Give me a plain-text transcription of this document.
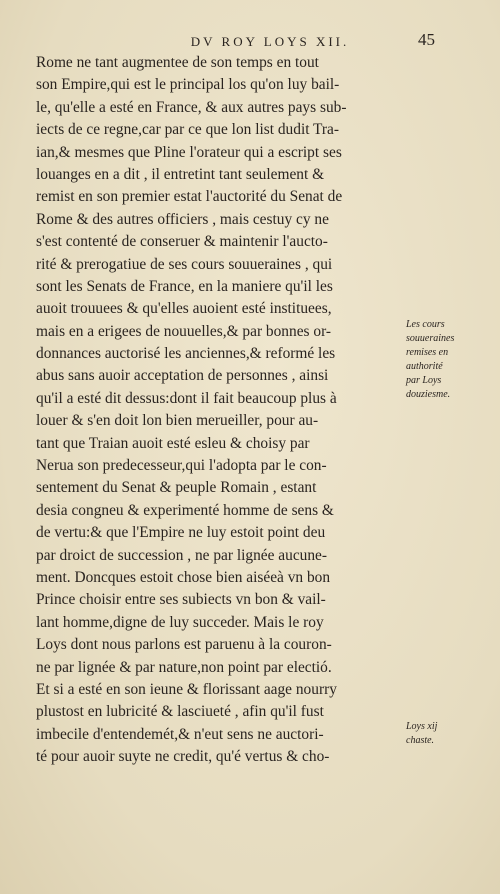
DV ROY LOYS XII.	45
Rome ne tant augmentee de son temps en tout
son Empire,qui est le principal los qu'on luy bail-
le, qu'elle a esté en France, & aux autres pays sub-
iects de ce regne,car par ce que lon list dudit Tra-
ian,& mesmes que Pline l'orateur qui a escript ses
louanges en a dit , il entretint tant seulement &
remist en son premier estat l'auctorité du Senat de
Rome & des autres officiers , mais cestuy cy ne
s'est contenté de conseruer & maintenir l'aucto-
rité & prerogatiue de ses cours souueraines , qui
sont les Senats de France, en la maniere qu'il les
auoit trouuees & qu'elles auoient esté instituees,
mais en a erigees de nouuelles,& par bonnes or-
donnances auctorisé les anciennes,& reformé les
abus sans auoir acceptation de personnes , ainsi
qu'il a esté dit dessus:dont il fait beaucoup plus à
louer & s'en doit lon bien merueiller, pour au-
tant que Traian auoit esté esleu & choisy par
Nerua son predecesseur,qui l'adopta par le con-
sentement du Senat & peuple Romain , estant
desia congneu & experimenté homme de sens &
de vertu:& que l'Empire ne luy estoit point deu
par droict de succession , ne par lignée aucune-
ment. Doncques estoit chose bien aiséeà vn bon
Prince choisir entre ses subiects vn bon & vail-
lant homme,digne de luy succeder. Mais le roy
Loys dont nous parlons est paruenu à la couron-
ne par lignée & par nature,non point par electió.
Et si a esté en son ieune & florissant aage nourry
plustost en lubricité & lasciueté , afin qu'il fust
imbecile d'entendemét,& n'eut sens ne auctori-
té pour auoir suyte ne credit, qu'é vertus & cho-
Les cours
souueraines
remises en
authorité
par Loys
douziesme.
Loys xij
chaste.
